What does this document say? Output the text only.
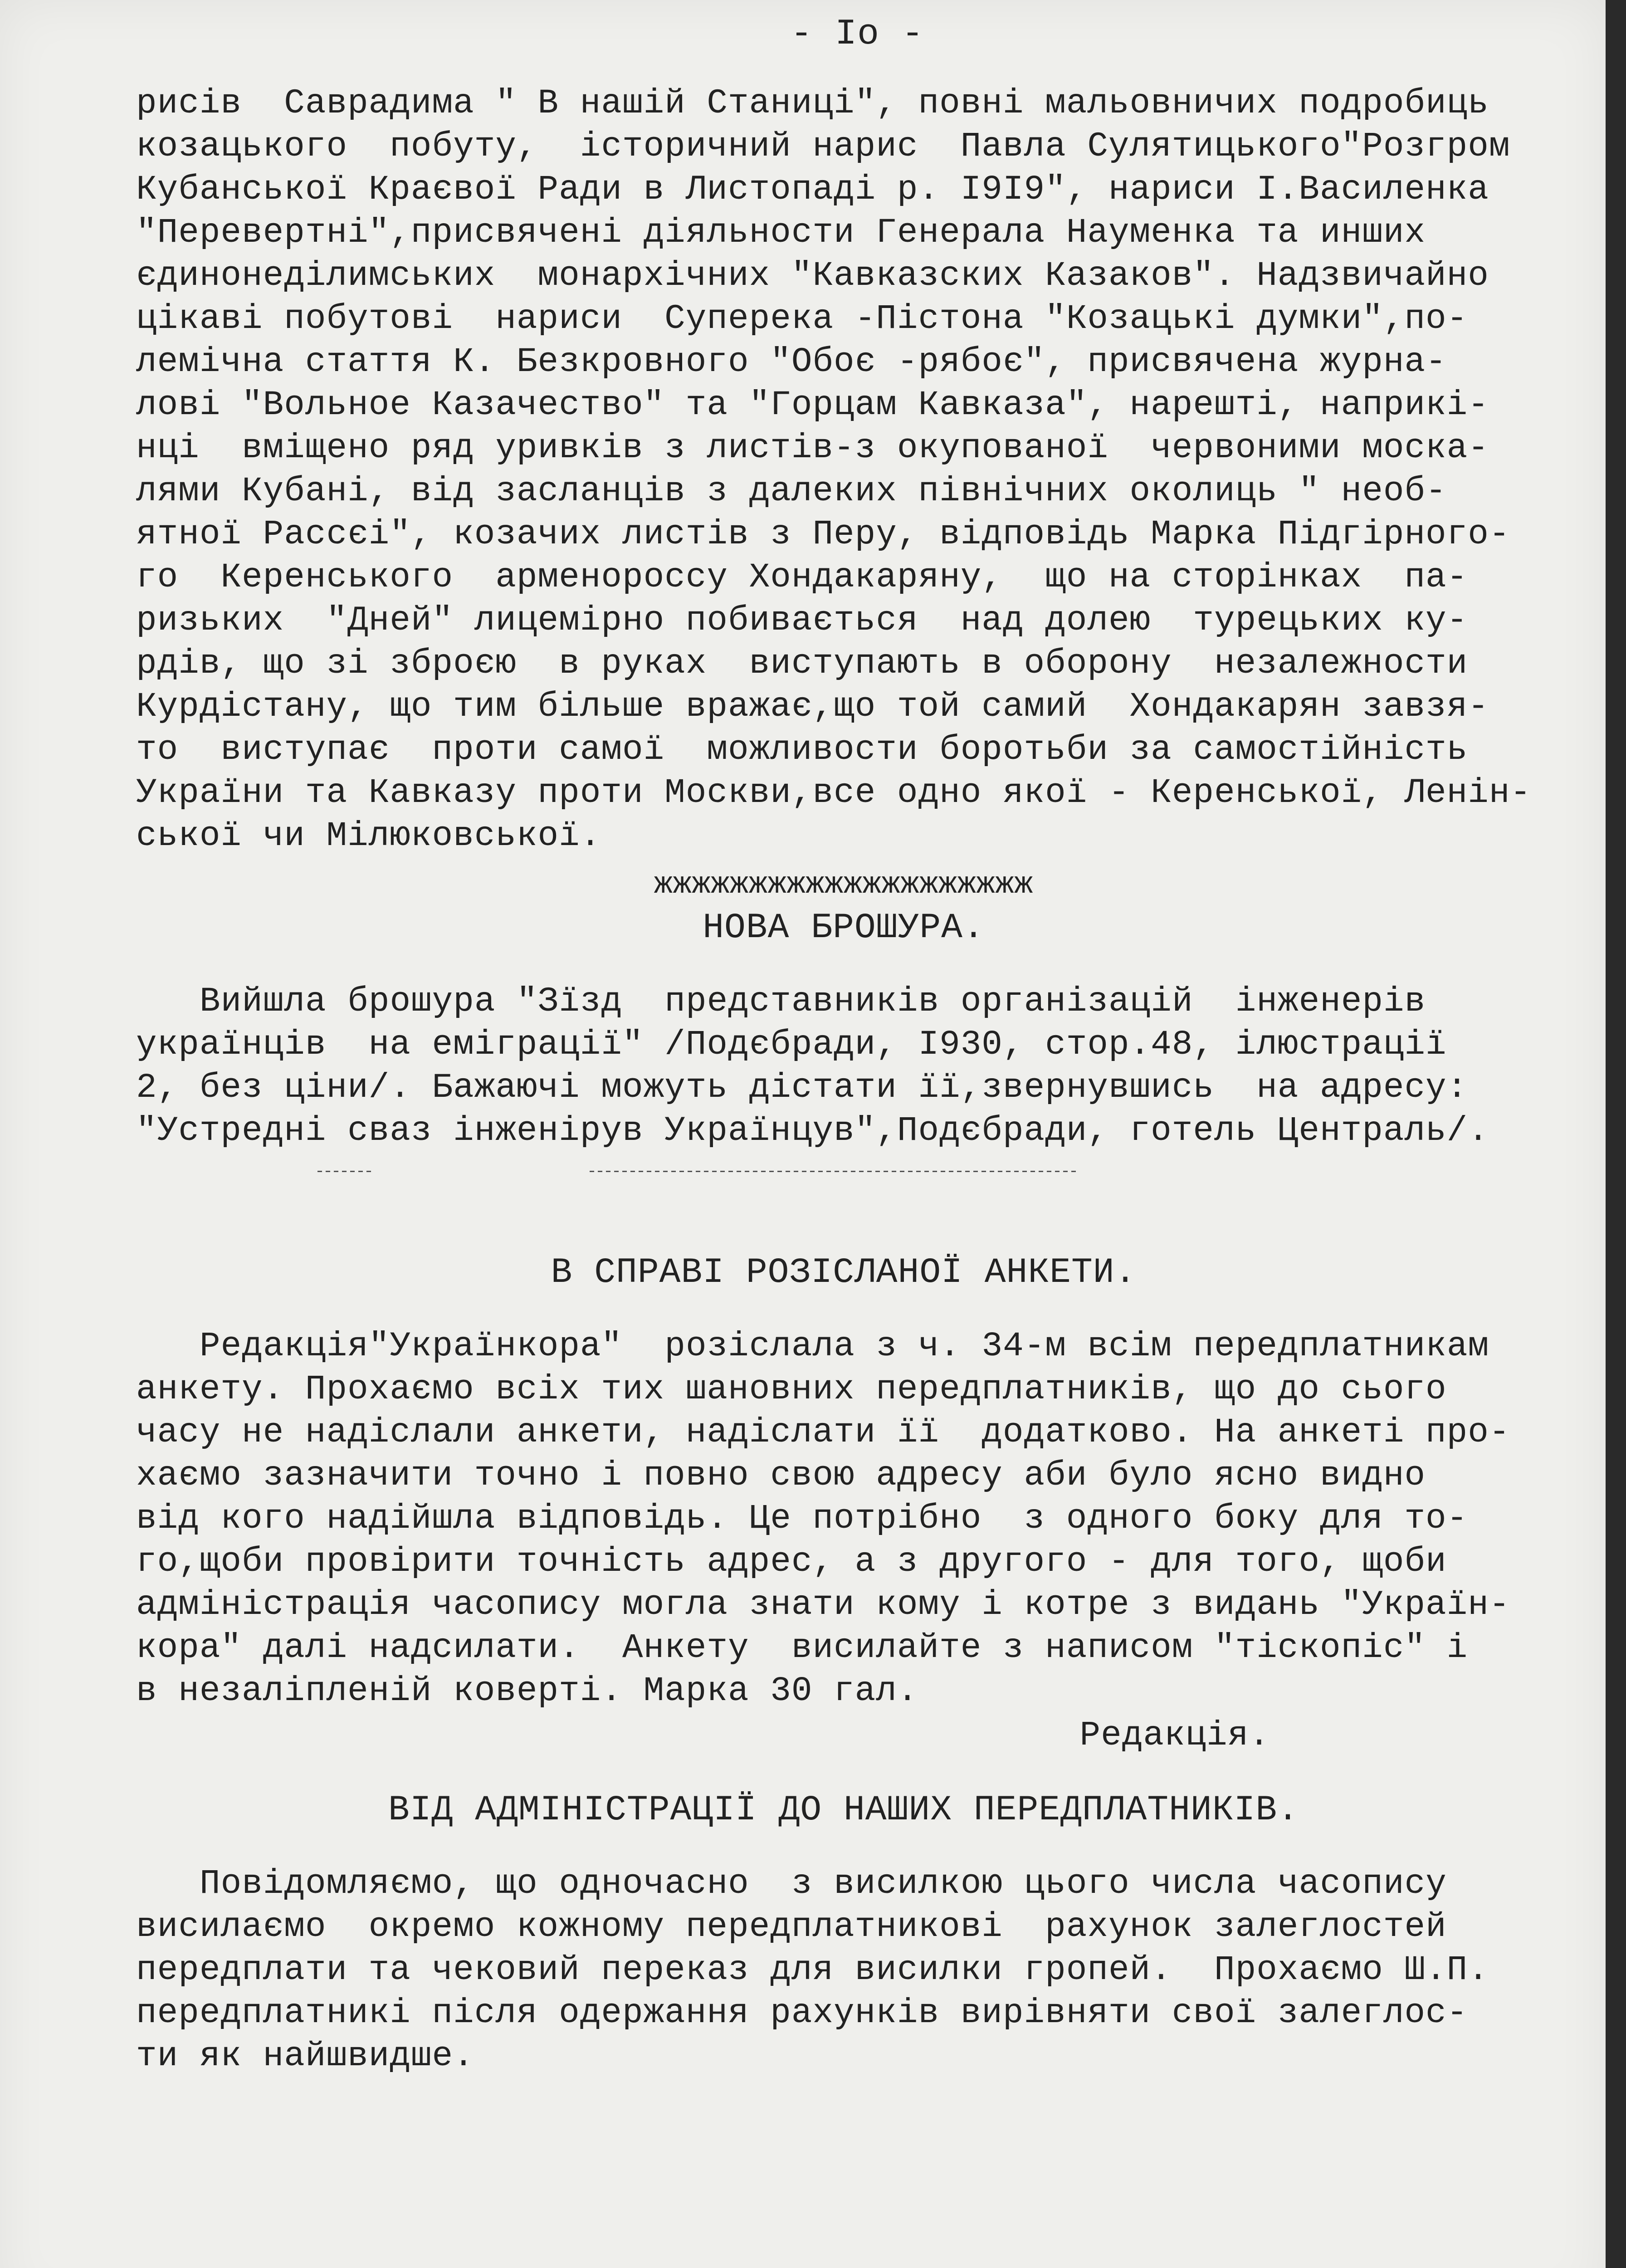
- Io -
рисів  Саврадима " В нашій Станиці", повні мальовничих подробиць
козацького  побуту,  історичний нарис  Павла Сулятицького"Розгром
Кубанської Краєвої Ради в Листопаді р. I9I9", нариси І.Василенка
"Перевертні",присвячені діяльности Генерала Науменка та инших
єдинонеділимських  монархічних "Кавказских Казаков". Надзвичайно
цікаві побутові  нариси  Суперека -Пістона "Козацькі думки",по-
лемічна стаття К. Безкровного "Обоє -рябоє", присвячена журна-
лові "Вольное Казачество" та "Горцам Кавказа", нарешті, наприкі-
нці  вміщено ряд уривків з листів-з окупованої  червоними моска-
лями Кубані, від засланців з далеких північних околиць " необ-
ятної Рассєі", козачих листів з Перу, відповідь Марка Підгірного-
го  Керенського  арменороссу Хондакаряну,  що на сторінках  па-
ризьких  "Дней" лицемірно побивається  над долею  турецьких ку-
рдів, що зі зброєю  в руках  виступають в оборону  незалежности
Курдістану, що тим більше вражає,що той самий  Хондакарян завзя-
то  виступає  проти самої  можливости боротьби за самостійність
України та Кавказу проти Москви,все одно якої - Керенської, Ленін-
ської чи Мілюковської.
жжжжжжжжжжжжжжжжжжжж
НОВА БРОШУРА.
Вийшла брошура "Зїзд  представників організацій  інженерів
українців  на еміграції" /Подєбради, I930, стор.48, ілюстрації
2, без ціни/. Бажаючі можуть дістати її,звернувшись  на адресу:
"Устредні свaз інженірув Українцув",Подєбради, готель Централь/.
В СПРАВІ РОЗІСЛАНОЇ АНКЕТИ.
Редакція"Українкора"  розіслала з ч. 34-м всім передплатникам
анкету. Прохаємо всіх тих шановних передплатників, що до сього
часу не надіслали анкети, надіслати її  додатково. На анкеті про-
хаємо зазначити точно і повно свою адресу аби було ясно видно
від кого надійшла відповідь. Це потрібно  з одного боку для то-
го,щоби провірити точність адрес, а з другого - для того, щоби
адміністрація часопису могла знати кому і котре з видань "Україн-
кора" далі надсилати.  Анкету  висилайте з написом "тіскопіс" і
в незаліпленій коверті. Марка 30 гал.
Редакція.
ВІД АДМІНІСТРАЦІЇ ДО НАШИХ ПЕРЕДПЛАТНИКІВ.
Повідомляємо, що одночасно  з висилкою цього числа часопису
висилаємо  окремо кожному передплатникові  рахунок залеглостей
передплати та чековий переказ для висилки гропей.  Прохаємо Ш.П.
передплатникі після одержання рахунків вирівняти свої залеглос-
ти як найшвидше.
